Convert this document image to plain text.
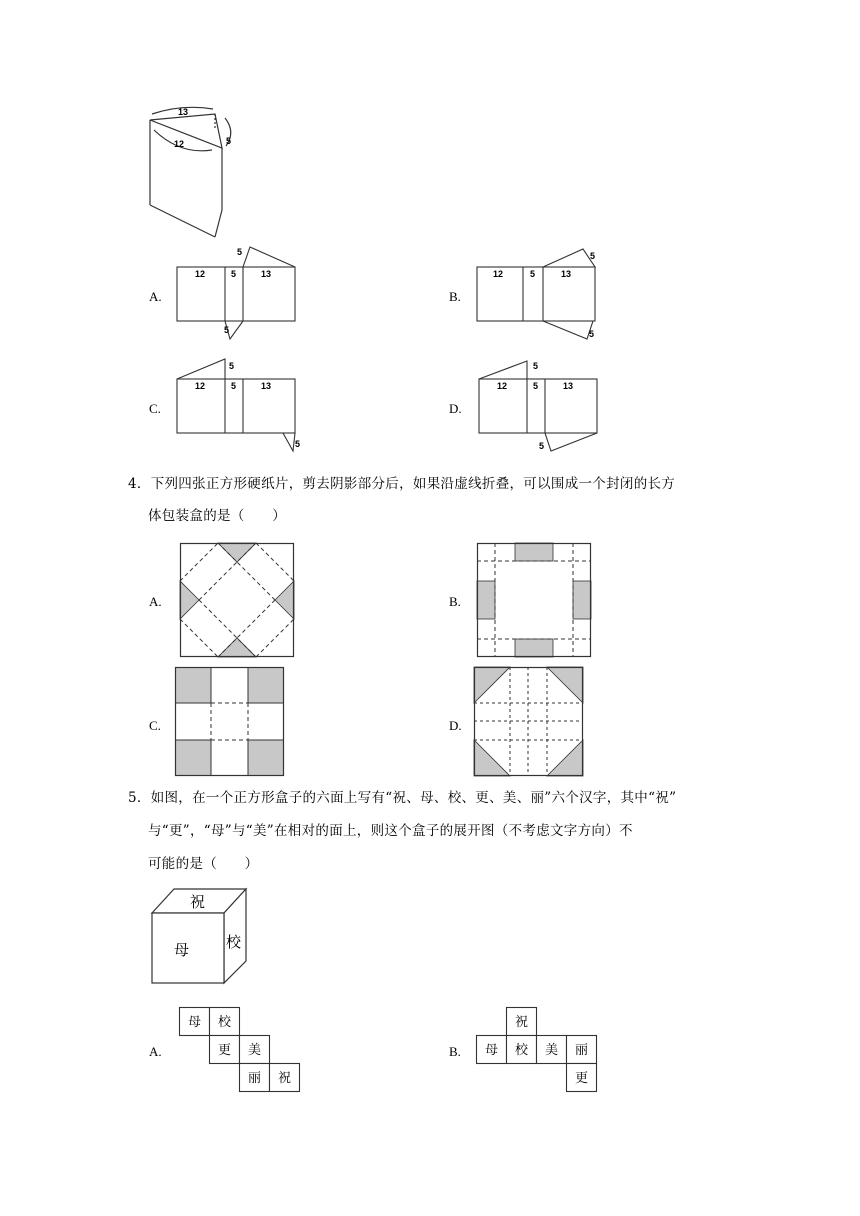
13
12	5
A.
12	5	13
5
5
B.
12	5	13
5
5
C.
12	5	13
5
5
D.
12	5	13
5
5
4．下列四张正方形硬纸片，剪去阴影部分后，如果沿虚线折叠，可以围成一个封闭的长方
体包装盒的是（　　）
A.	B.
C.	D.
5．如图，在一个正方形盒子的六面上写有“祝、母、校、更、美、丽”六个汉字，其中“祝”
与“更”，“母”与“美”在相对的面上，则这个盒子的展开图（不考虑文字方向）不
可能的是（　　）
祝
母 校
A.
母 校
更 美
丽 祝
B.
祝
母 校 美 丽
更
